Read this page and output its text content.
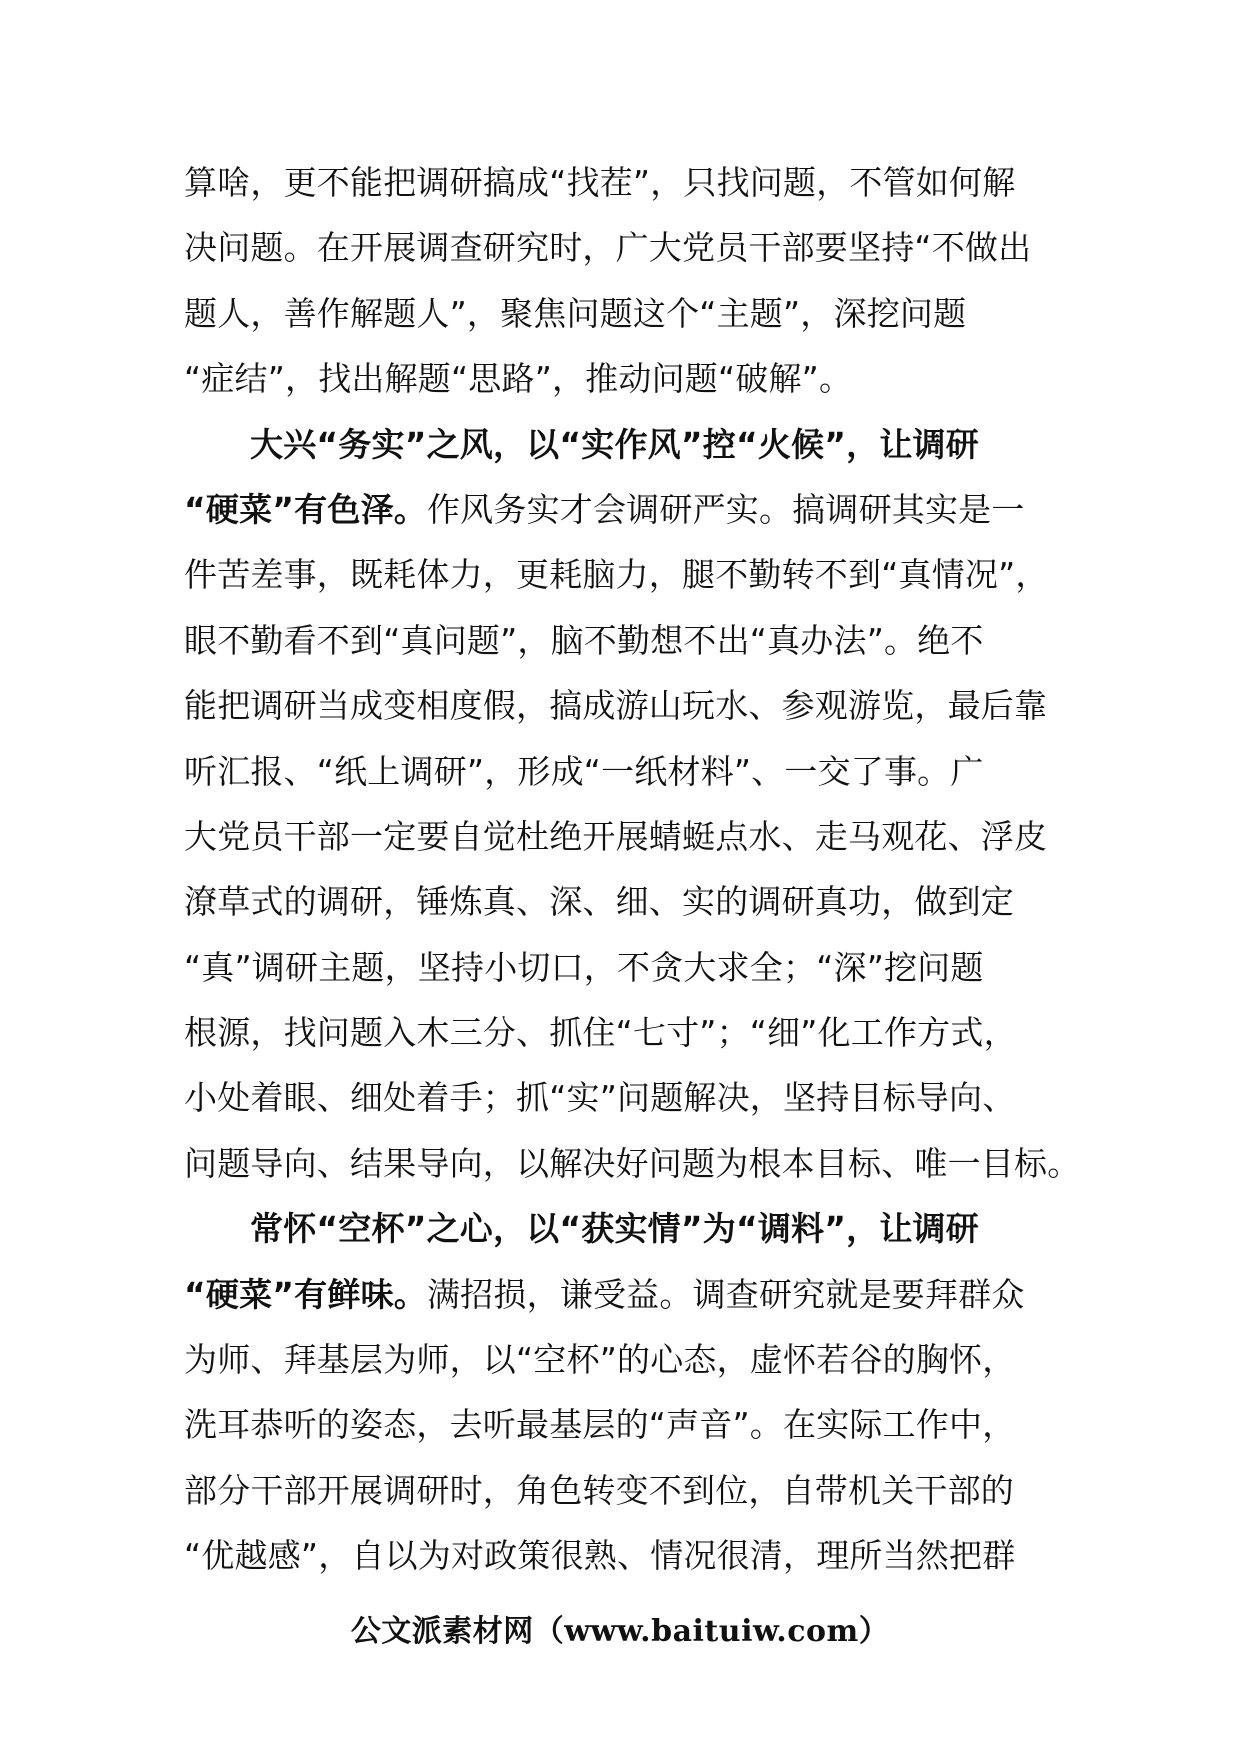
算啥，更不能把调研搞成“找茬”，只找问题，不管如何解
决问题。在开展调查研究时，广大党员干部要坚持“不做出
题人，善作解题人”，聚焦问题这个“主题”，深挖问题
“症结”，找出解题“思路”，推动问题“破解”。
大兴“务实”之风，以“实作风”控“火候”，让调研
“硬菜”有色泽。作风务实才会调研严实。搞调研其实是一
件苦差事，既耗体力，更耗脑力，腿不勤转不到“真情况”，
眼不勤看不到“真问题”，脑不勤想不出“真办法”。绝不
能把调研当成变相度假，搞成游山玩水、参观游览，最后靠
听汇报、“纸上调研”，形成“一纸材料”、一交了事。广
大党员干部一定要自觉杜绝开展蜻蜓点水、走马观花、浮皮
潦草式的调研，锤炼真、深、细、实的调研真功，做到定
“真”调研主题，坚持小切口，不贪大求全；“深”挖问题
根源，找问题入木三分、抓住“七寸”；“细”化工作方式，
小处着眼、细处着手；抓“实”问题解决，坚持目标导向、
问题导向、结果导向，以解决好问题为根本目标、唯一目标。
常怀“空杯”之心，以“获实情”为“调料”，让调研
“硬菜”有鲜味。满招损，谦受益。调查研究就是要拜群众
为师、拜基层为师，以“空杯”的心态，虚怀若谷的胸怀，
洗耳恭听的姿态，去听最基层的“声音”。在实际工作中，
部分干部开展调研时，角色转变不到位，自带机关干部的
“优越感”，自以为对政策很熟、情况很清，理所当然把群
公文派素材网（www.baituiw.com）
